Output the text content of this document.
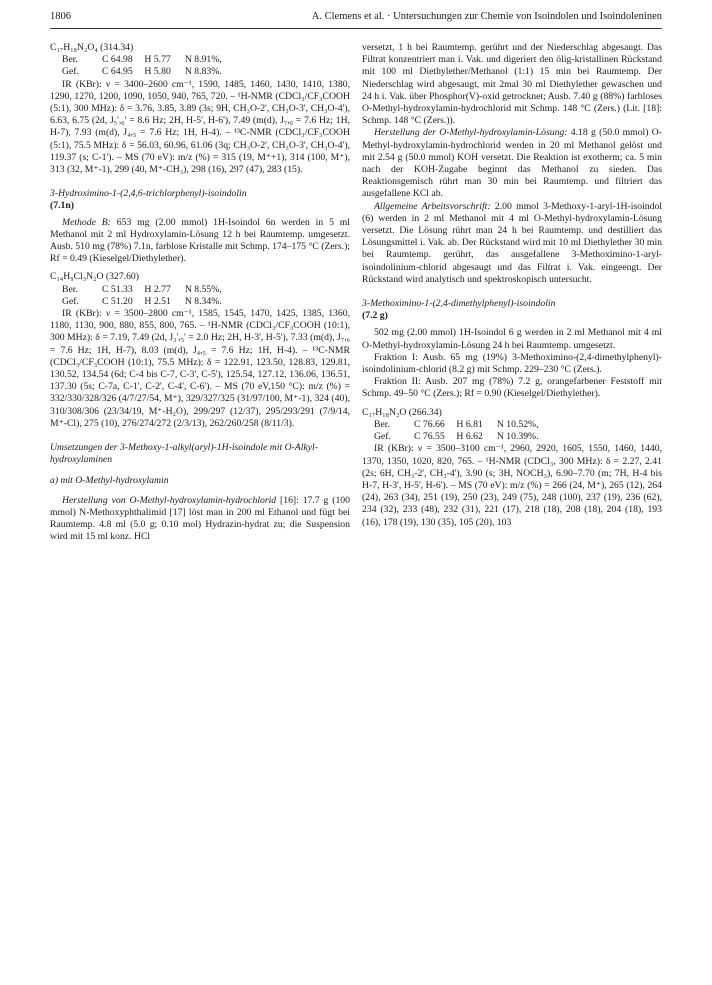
1806	A. Clemens et al. · Untersuchungen zur Chemie von Isoindolen und Isoindoleninen

C₁₇H₁₈N₂O₄ (314.34)

Ber. C 64.98 H 5.77 N 8.91%,
Gef. C 64.95 H 5.80 N 8.83%.

IR (KBr): ν = 3400–2600 cm⁻¹, 1590, 1485, 1460, 1430, 1410, 1380, 1290, 1270, 1200, 1090, 1050, 940, 765, 720. – ¹H-NMR (CDCl₃/CF₃COOH (5:1), 300 MHz): δ = 3.76, 3.85, 3.89 (3s; 9H, CH₃O-2', CH₃O-3', CH₃O-4'), 6.63, 6.75 (2d, J₅',₆' = 8.6 Hz; 2H, H-5', H-6'), 7.49 (m(d), J₇,₆ = 7.6 Hz; 1H, H-7), 7.93 (m(d), J₄,₅ = 7.6 Hz; 1H, H-4). – ¹³C-NMR (CDCl₃/CF₃COOH (5:1), 75.5 MHz): δ = 56.03, 60.96, 61.06 (3q; CH₃O-2', CH₃O-3', CH₃O-4'), 119.37 (s; C-1'). – MS (70 eV): m/z (%) = 315 (19, M⁺+1), 314 (100, M⁺), 313 (32, M⁺-1), 299 (40, M⁺-CH₃), 298 (16), 297 (47), 283 (15).

3-Hydroximino-1-(2,4,6-trichlorphenyl)-isoindolin
(7.1n)

Methode B: 653 mg (2.00 mmol) 1H-Isoindol 6n werden in 5 ml Methanol mit 2 ml Hydroxylamin-Lösung 12 h bei Raumtemp. umgesetzt. Ausb. 510 mg (78%) 7.1n, farblose Kristalle mit Schmp. 174–175 °C (Zers.); Rf = 0.49 (Kieselgel/Diethylether).

C₁₄H₉Cl₃N₂O (327.60)

Ber. C 51.33 H 2.77 N 8.55%,
Gef. C 51.20 H 2.51 N 8.34%.

IR (KBr): ν = 3500–2800 cm⁻¹, 1585, 1545, 1470, 1425, 1385, 1360, 1180, 1130, 900, 880, 855, 800, 765. – ¹H-NMR (CDCl₃/CF₃COOH (10:1), 300 MHz): δ = 7.19, 7.49 (2d, J₃',₅' = 2.0 Hz; 2H, H-3', H-5'), 7.33 (m(d), J₇,₆ = 7.6 Hz; 1H, H-7), 8.03 (m(d), J₄,₅ = 7.6 Hz; 1H, H-4). – ¹³C-NMR (CDCl₃/CF₃COOH (10:1), 75.5 MHz): δ = 122.91, 123.50, 128.83, 129.81, 130.52, 134.54 (6d; C-4 bis C-7, C-3', C-5'), 125.54, 127.12, 136.06, 136.51, 137.30 (5s; C-7a, C-1', C-2', C-4', C-6'). – MS (70 eV,150 °C): m/z (%) = 332/330/328/326 (4/7/27/54, M⁺), 329/327/325 (31/97/100, M⁺-1), 324 (40), 310/308/306 (23/34/19, M⁺-H₂O), 299/297 (12/37), 295/293/291 (7/9/14, M⁺-Cl), 275 (10), 276/274/272 (2/3/13), 262/260/258 (8/11/3).

Umsetzungen der 3-Methoxy-1-alkyl(aryl)-1H-isoindole mit O-Alkyl-hydroxylaminen

a) mit O-Methyl-hydroxylamin

Herstellung von O-Methyl-hydroxylamin-hydrochlorid [16]: 17.7 g (100 mmol) N-Methoxyphthalimid [17] löst man in 200 ml Ethanol und fügt bei Raumtemp. 4.8 ml (5.0 g; 0.10 mol) Hydrazin-hydrat zu; die Suspension wird mit 15 ml konz. HCl

versetzt, 1 h bei Raumtemp. gerührt und der Niederschlag abgesaugt. Das Filtrat konzentriert man i. Vak. und digeriert den ölig-kristallinen Rückstand mit 100 ml Diethylether/Methanol (1:1) 15 min bei Raumtemp. Der Niederschlag wird abgesaugt, mit 2mal 30 ml Diethylether gewaschen und 24 h i. Vak. über Phosphor(V)-oxid getrocknet; Ausb. 7.40 g (88%) farbloses O-Methyl-hydroxylamin-hydrochlorid mit Schmp. 148 °C (Zers.) (Lit. [18]: Schmp. 148 °C (Zers.)).

Herstellung der O-Methyl-hydroxylamin-Lösung: 4.18 g (50.0 mmol) O-Methyl-hydroxylamin-hydrochlorid werden in 20 ml Methanol gelöst und mit 2.54 g (50.0 mmol) KOH versetzt. Die Reaktion ist exotherm; ca. 5 min nach der KOH-Zugabe beginnt das Methanol zu sieden. Das Reaktionsgemisch rührt man 30 min bei Raumtemp. und filtriert das ausgefallene KCl ab.

Allgemeine Arbeitsvorschrift: 2.00 mmol 3-Methoxy-1-aryl-1H-isoindol (6) werden in 2 ml Methanol mit 4 ml O-Methyl-hydroxylamin-Lösung versetzt. Die Lösung rührt man 24 h bei Raumtemp. und destilliert das Lösungsmittel i. Vak. ab. Der Rückstand wird mit 10 ml Diethylether 30 min bei Raumtemp. gerührt, das ausgefallene 3-Methoximino-1-aryl-isoindolinium-chlorid abgesaugt und das Filtrat i. Vak. eingeengt. Der Rückstand wird analytisch und spektroskopisch untersucht.

3-Methoximino-1-(2,4-dimethylphenyl)-isoindolin
(7.2 g)

502 mg (2.00 mmol) 1H-Isoindol 6 g werden in 2 ml Methanol mit 4 ml O-Methyl-hydroxylamin-Lösung 24 h bei Raumtemp. umgesetzt.

Fraktion I: Ausb. 65 mg (19%) 3-Methoximino-(2,4-dimethylphenyl)-isoindolinium-chlorid (8.2 g) mit Schmp. 229–230 °C (Zers.).

Fraktion II: Ausb. 207 mg (78%) 7.2 g, orangefarbener Feststoff mit Schmp. 49–50 °C (Zers.); Rf = 0.90 (Kieselgel/Diethylether).

C₁₇H₁₈N₂O (266.34)

Ber. C 76.66 H 6.81 N 10.52%,
Gef. C 76.55 H 6.62 N 10.39%.

IR (KBr): ν = 3500–3100 cm⁻¹, 2960, 2920, 1605, 1550, 1460, 1440, 1370, 1350, 1020, 820, 765. – ¹H-NMR (CDCl₃, 300 MHz): δ = 2.27, 2.41 (2s; 6H, CH₃-2', CH₃-4'), 3.90 (s; 3H, NOCH₃), 6.90–7.70 (m; 7H, H-4 bis H-7, H-3', H-5', H-6'). – MS (70 eV): m/z (%) = 266 (24, M⁺), 265 (12), 264 (24), 263 (34), 251 (19), 250 (23), 249 (75), 248 (100), 237 (19), 236 (62), 234 (32), 233 (48), 232 (31), 221 (17), 218 (18), 208 (18), 204 (18), 193 (16), 178 (19), 130 (35), 105 (20), 103
